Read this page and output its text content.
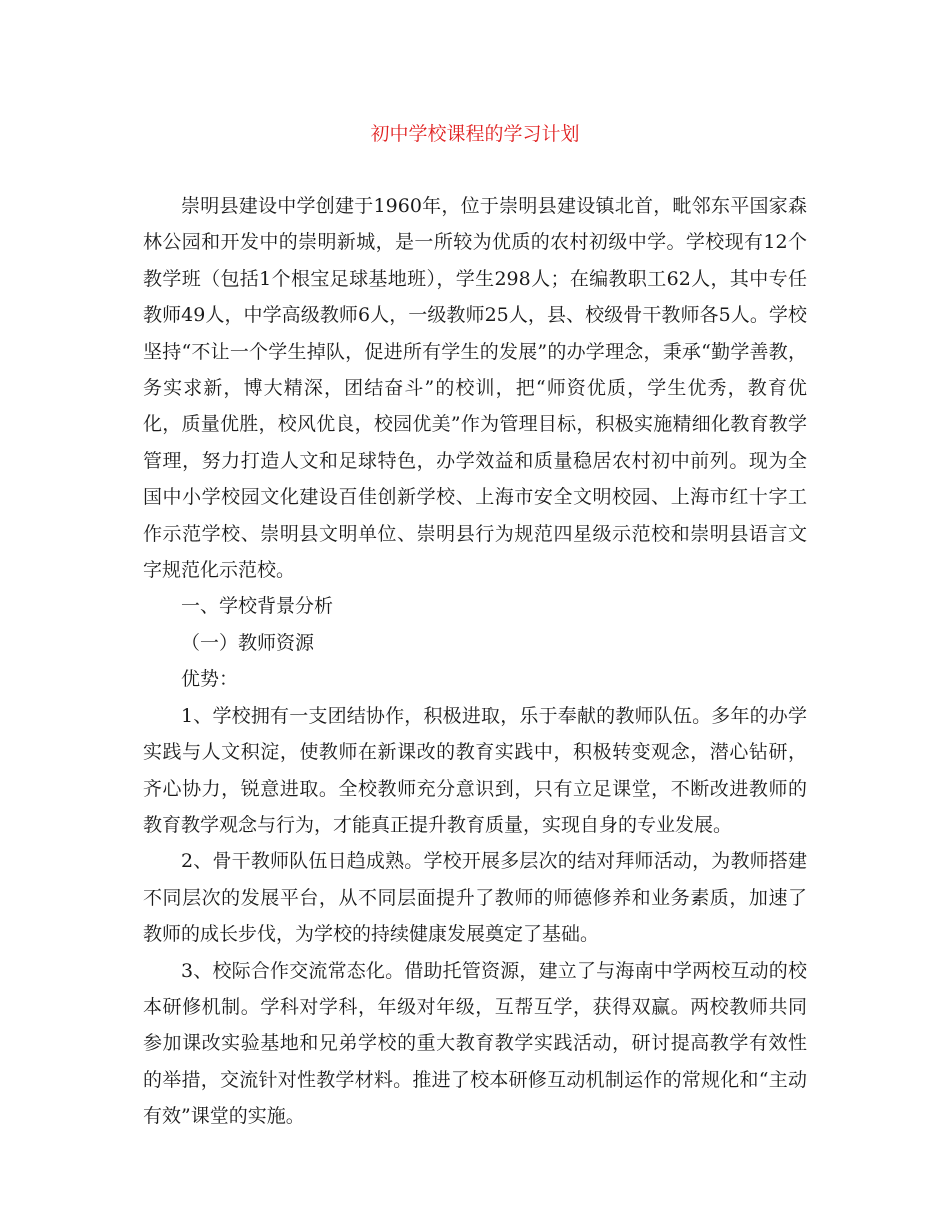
初中学校课程的学习计划

崇明县建设中学创建于1960年，位于崇明县建设镇北首，毗邻东平国家森林公园和开发中的崇明新城，是一所较为优质的农村初级中学。学校现有12个教学班（包括1个根宝足球基地班），学生298人；在编教职工62人，其中专任教师49人，中学高级教师6人，一级教师25人，县、校级骨干教师各5人。学校坚持“不让一个学生掉队，促进所有学生的发展”的办学理念，秉承“勤学善教，务实求新，博大精深，团结奋斗”的校训，把“师资优质，学生优秀，教育优化，质量优胜，校风优良，校园优美”作为管理目标，积极实施精细化教育教学管理，努力打造人文和足球特色，办学效益和质量稳居农村初中前列。现为全国中小学校园文化建设百佳创新学校、上海市安全文明校园、上海市红十字工作示范学校、崇明县文明单位、崇明县行为规范四星级示范校和崇明县语言文字规范化示范校。

一、学校背景分析

（一）教师资源

优势：

1、学校拥有一支团结协作，积极进取，乐于奉献的教师队伍。多年的办学实践与人文积淀，使教师在新课改的教育实践中，积极转变观念，潜心钻研，齐心协力，锐意进取。全校教师充分意识到，只有立足课堂，不断改进教师的教育教学观念与行为，才能真正提升教育质量，实现自身的专业发展。

2、骨干教师队伍日趋成熟。学校开展多层次的结对拜师活动，为教师搭建不同层次的发展平台，从不同层面提升了教师的师德修养和业务素质，加速了教师的成长步伐，为学校的持续健康发展奠定了基础。

3、校际合作交流常态化。借助托管资源，建立了与海南中学两校互动的校本研修机制。学科对学科，年级对年级，互帮互学，获得双赢。两校教师共同参加课改实验基地和兄弟学校的重大教育教学实践活动，研讨提高教学有效性的举措，交流针对性教学材料。推进了校本研修互动机制运作的常规化和“主动有效”课堂的实施。
